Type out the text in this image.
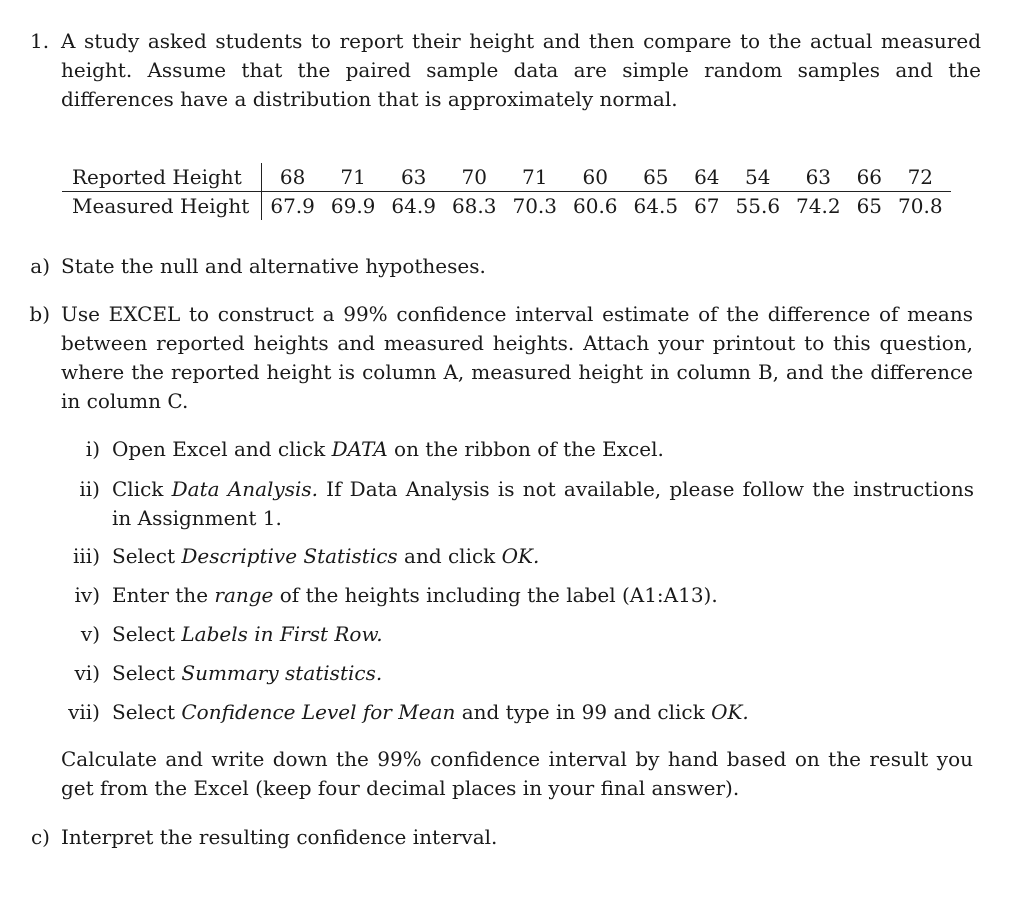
1. A study asked students to report their height and then compare to the actual measured height. Assume that the paired sample data are simple random samples and the differences have a distribution that is approximately normal.
Reported Height	68	71	63	70	71	60	65	64	54	63	66	72
Measured Height	67.9	69.9	64.9	68.3	70.3	60.6	64.5	67	55.6	74.2	65	70.8
a) State the null and alternative hypotheses.
b) Use EXCEL to construct a 99% confidence interval estimate of the difference of means between reported heights and measured heights. Attach your printout to this question, where the reported height is column A, measured height in column B, and the difference in column C.
i) Open Excel and click DATA on the ribbon of the Excel.
ii) Click Data Analysis. If Data Analysis is not available, please follow the instructions in Assignment 1.
iii) Select Descriptive Statistics and click OK.
iv) Enter the range of the heights including the label (A1:A13).
v) Select Labels in First Row.
vi) Select Summary statistics.
vii) Select Confidence Level for Mean and type in 99 and click OK.
Calculate and write down the 99% confidence interval by hand based on the result you get from the Excel (keep four decimal places in your final answer).
c) Interpret the resulting confidence interval.
